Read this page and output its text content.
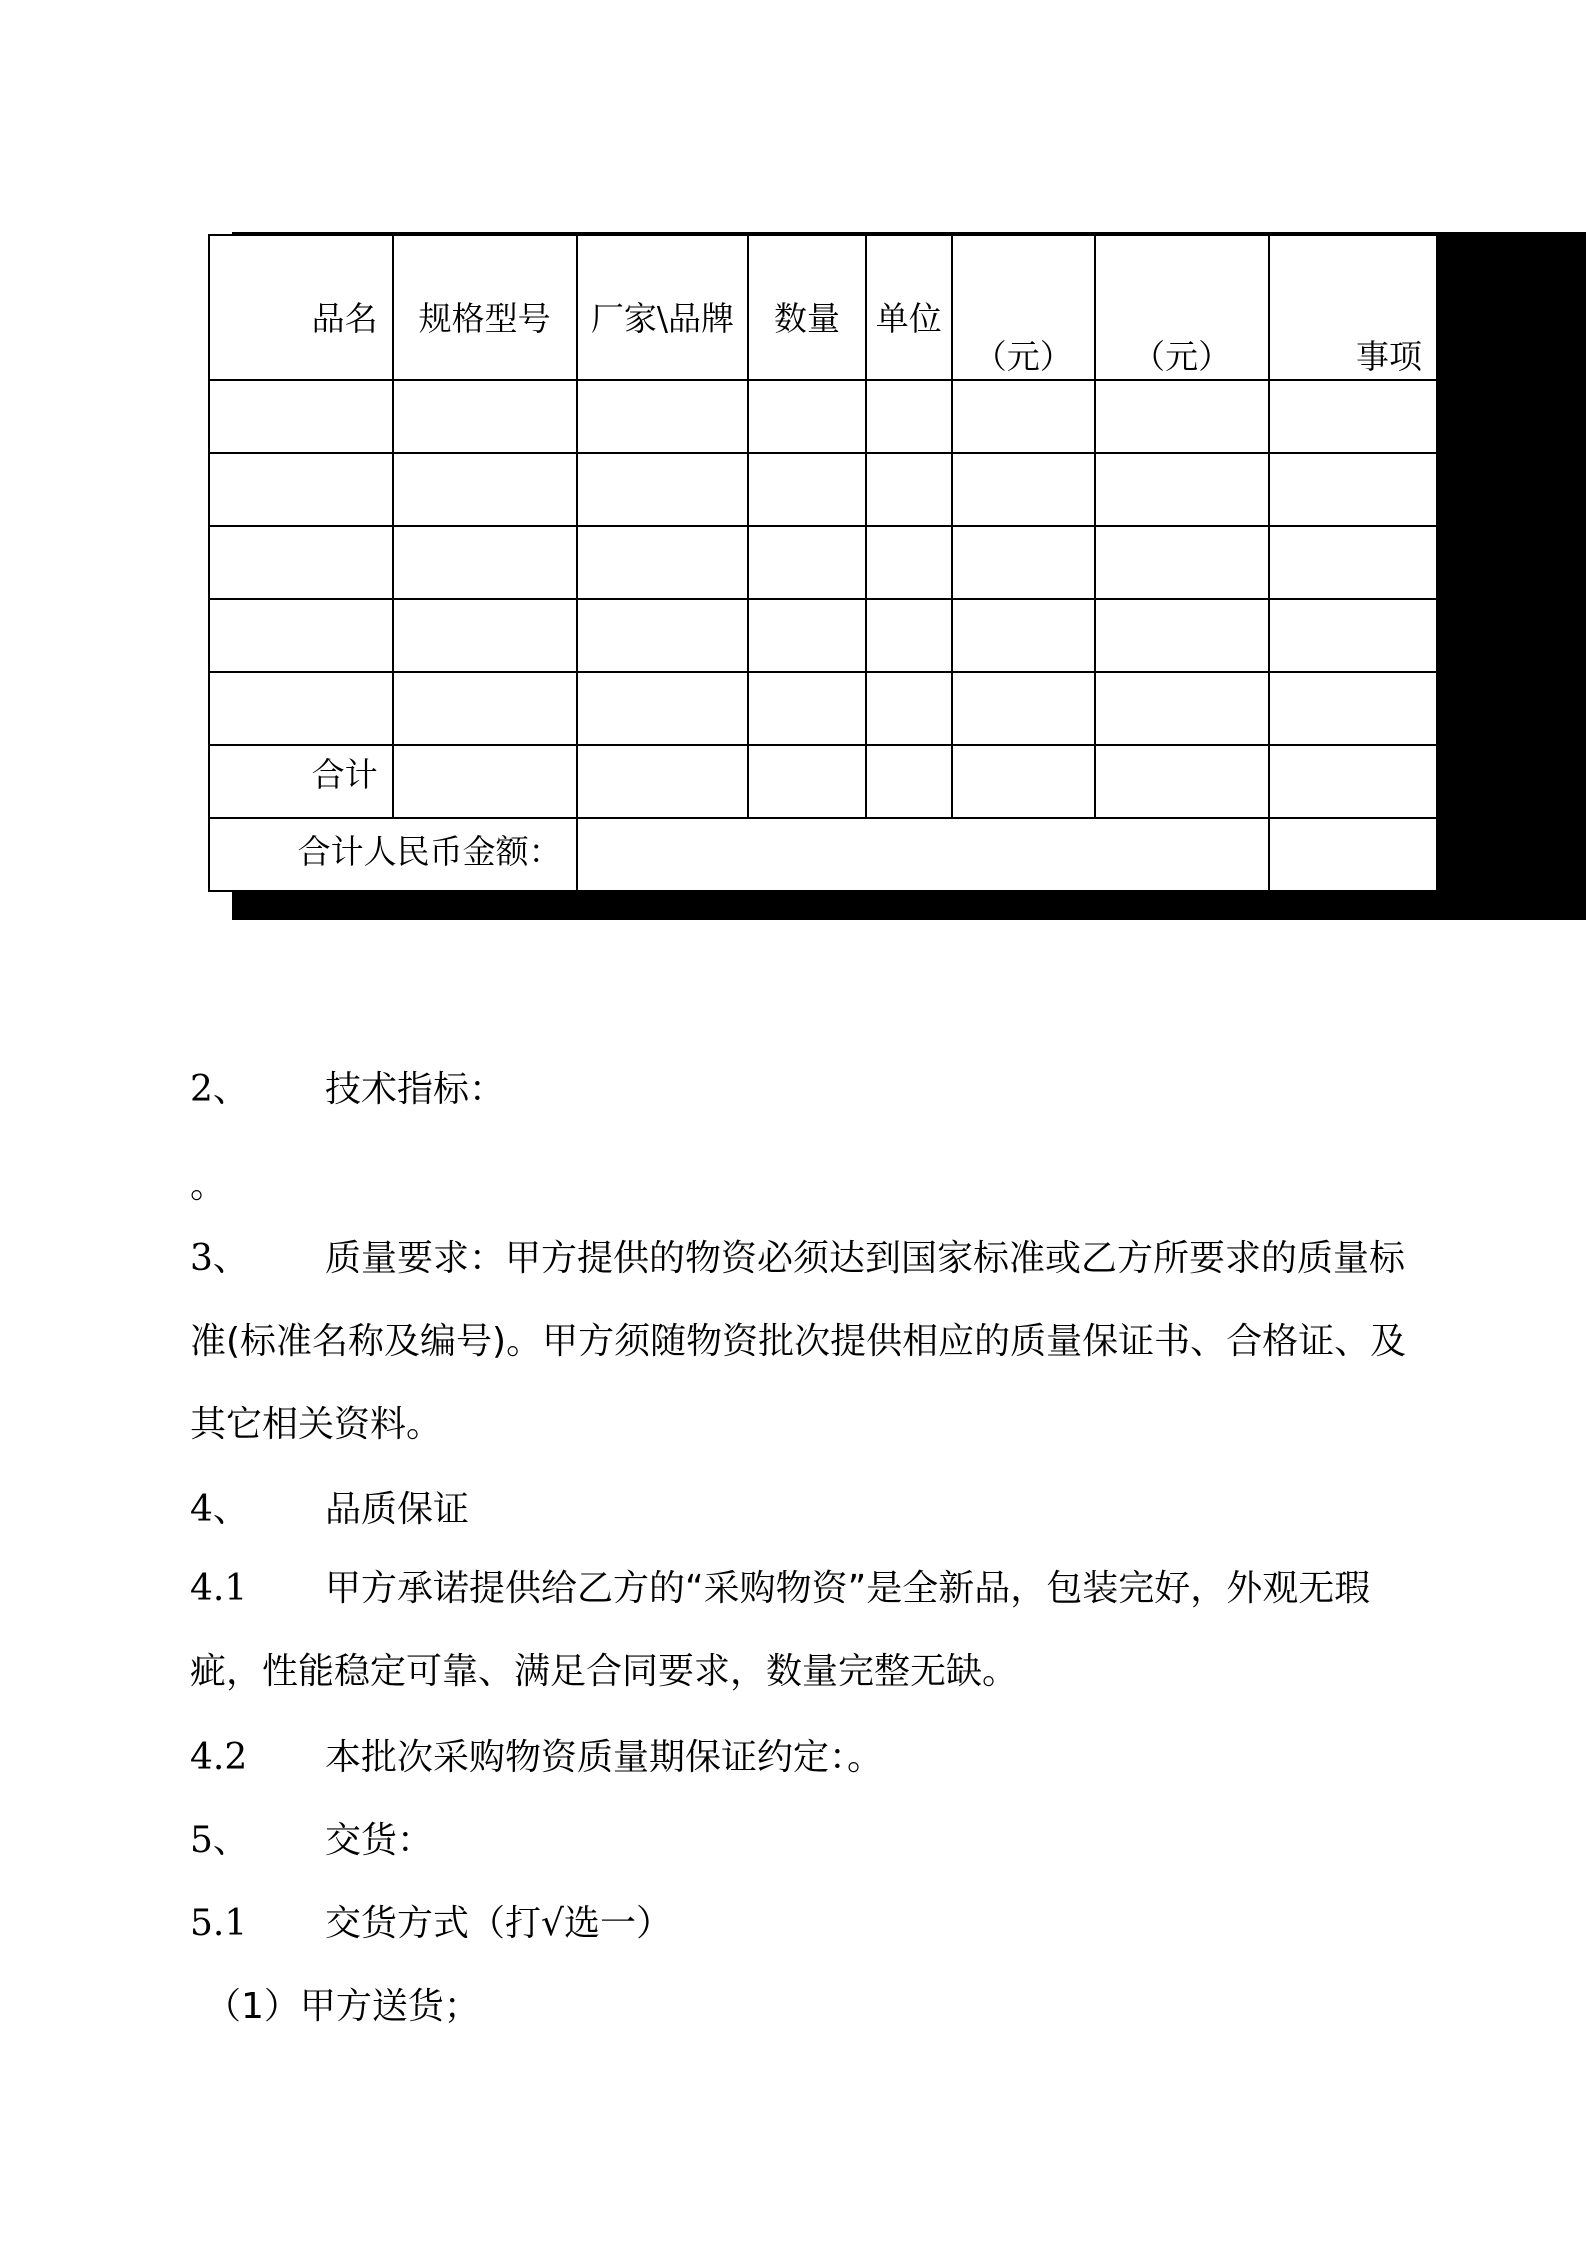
品名	规格型号	厂家\品牌	数量	单位	（元）	（元）	事项

合计							

合计人民币金额：							

2、 技术指标：
。
3、 质量要求：甲方提供的物资必须达到国家标准或乙方所要求的质量标准(标准名称及编号)。甲方须随物资批次提供相应的质量保证书、合格证、及其它相关资料。
4、 品质保证
4.1 甲方承诺提供给乙方的“采购物资”是全新品，包装完好，外观无瑕疵，性能稳定可靠、满足合同要求，数量完整无缺。
4.2 本批次采购物资质量期保证约定：。
5、 交货：
5.1 交货方式（打√选一）
（1）甲方送货；
